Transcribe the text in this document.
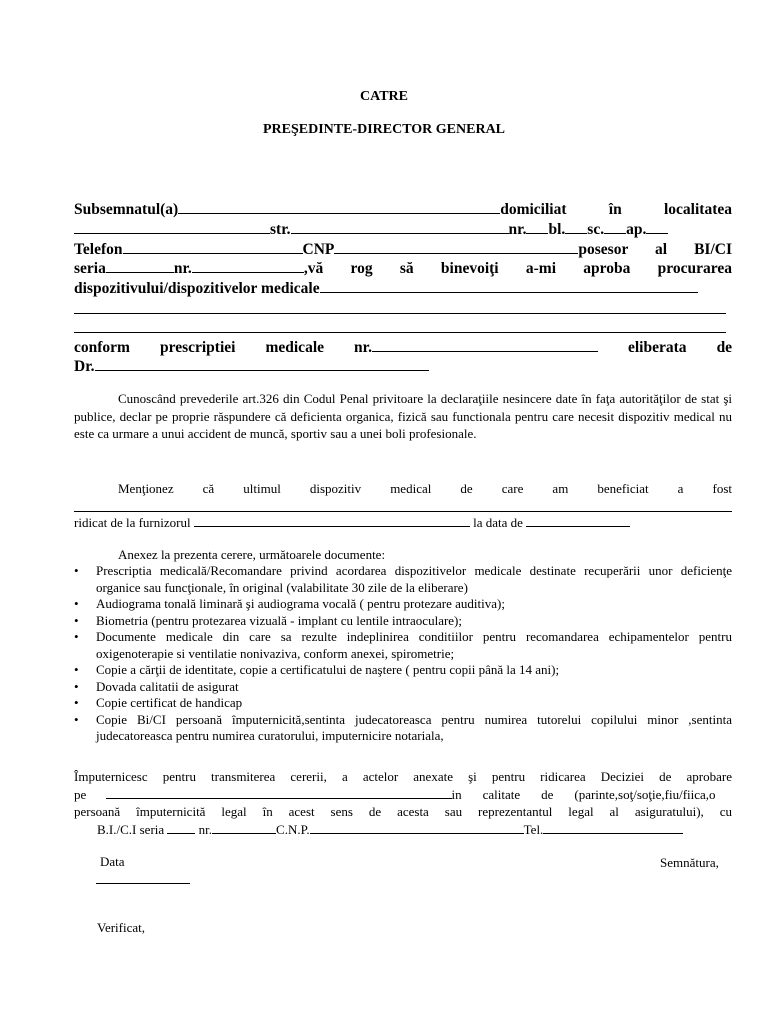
CATRE
PREŞEDINTE-DIRECTOR GENERAL
Subsemnatul(a)	domiciliat	în	localitatea
str.	nr. bl. sc. ap.
Telefon	CNP	posesor al BI/CI
seria	nr.	,vă rog să binevoiţi a-mi aproba procurarea
dispozitivului/dispozitivelor medicale
conform prescriptiei medicale nr.	eliberata de
Dr.
Cunoscând prevederile art.326 din Codul Penal privitoare la declaraţiile nesincere date în faţa autorităţilor de stat şi publice, declar pe proprie răspundere că deficienta organica, fizică sau functionala pentru care necesit dispozitiv medical nu este ca urmare a unui accident de muncă, sportiv sau a unei boli profesionale.
Menţionez că ultimul dispozitiv medical de care am beneficiat a fost
ridicat de la furnizorul	la data de
Anexez la prezenta cerere, următoarele documente:
• Prescriptia medicală/Recomandare privind acordarea dispozitivelor medicale destinate recuperării unor deficienţe organice sau funcţionale, în original (valabilitate 30 zile de la eliberare)
• Audiograma tonală liminară şi audiograma vocală ( pentru protezare auditiva);
• Biometria (pentru protezarea vizuală - implant cu lentile intraoculare);
• Documente medicale din care sa rezulte indeplinirea conditiilor pentru recomandarea echipamentelor pentru oxigenoterapie si ventilatie nonivaziva, conform anexei, spirometrie;
• Copie a cărţii de identitate, copie a certificatului de naştere ( pentru copii până la 14 ani);
• Dovada calitatii de asigurat
• Copie certificat de handicap
• Copie Bi/CI persoană împuternicită,sentinta judecatoreasca pentru numirea tutorelui copilului minor ,sentinta judecatoreasca pentru numirea curatorului, imputernicire notariala,
Împuternicesc pentru transmiterea cererii, a actelor anexate şi pentru ridicarea Deciziei de aprobare
pe	in calitate de (parinte,soţ/soţie,fiu/fiica,o
persoană împuternicită legal în acest sens de acesta sau reprezentantul legal al asiguratului), cu
B.I./C.I seria	nr.	C.N.P.	Tel.
Data	Semnătura,
Verificat,
